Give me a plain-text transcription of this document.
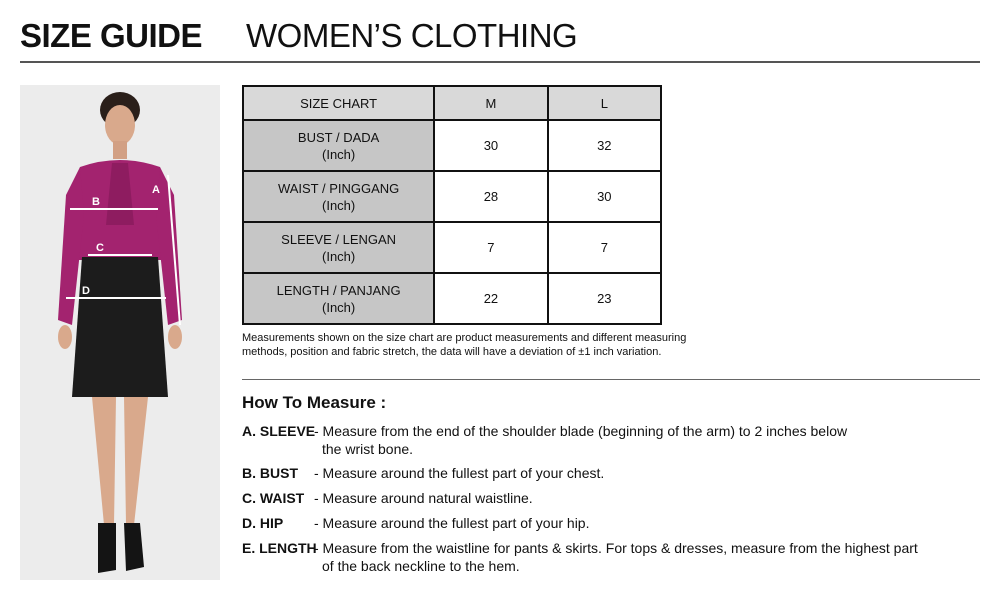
SIZE GUIDE WOMEN’S CLOTHING
A
B
C
D
SIZE CHART	M	L

BUST / DADA
(Inch)	30	32

WAIST / PINGGANG
(Inch)	28	30

SLEEVE / LENGAN
(Inch)	7	7

LENGTH / PANJANG
(Inch)	22	23
Measurements shown on the size chart are product measurements and different measuring
methods, position and fabric stretch, the data will have a deviation of ±1 inch variation.
How To Measure :
A. SLEEVE
- Measure from the end of the shoulder blade (beginning of the arm) to 2 inches below
the wrist bone.
B. BUST - Measure around the fullest part of your chest.
C. WAIST - Measure around natural waistline.
D. HIP - Measure around the fullest part of your hip.
E. LENGTH
- Measure from the waistline for pants & skirts. For tops & dresses, measure from the highest part
of the back neckline to the hem.
